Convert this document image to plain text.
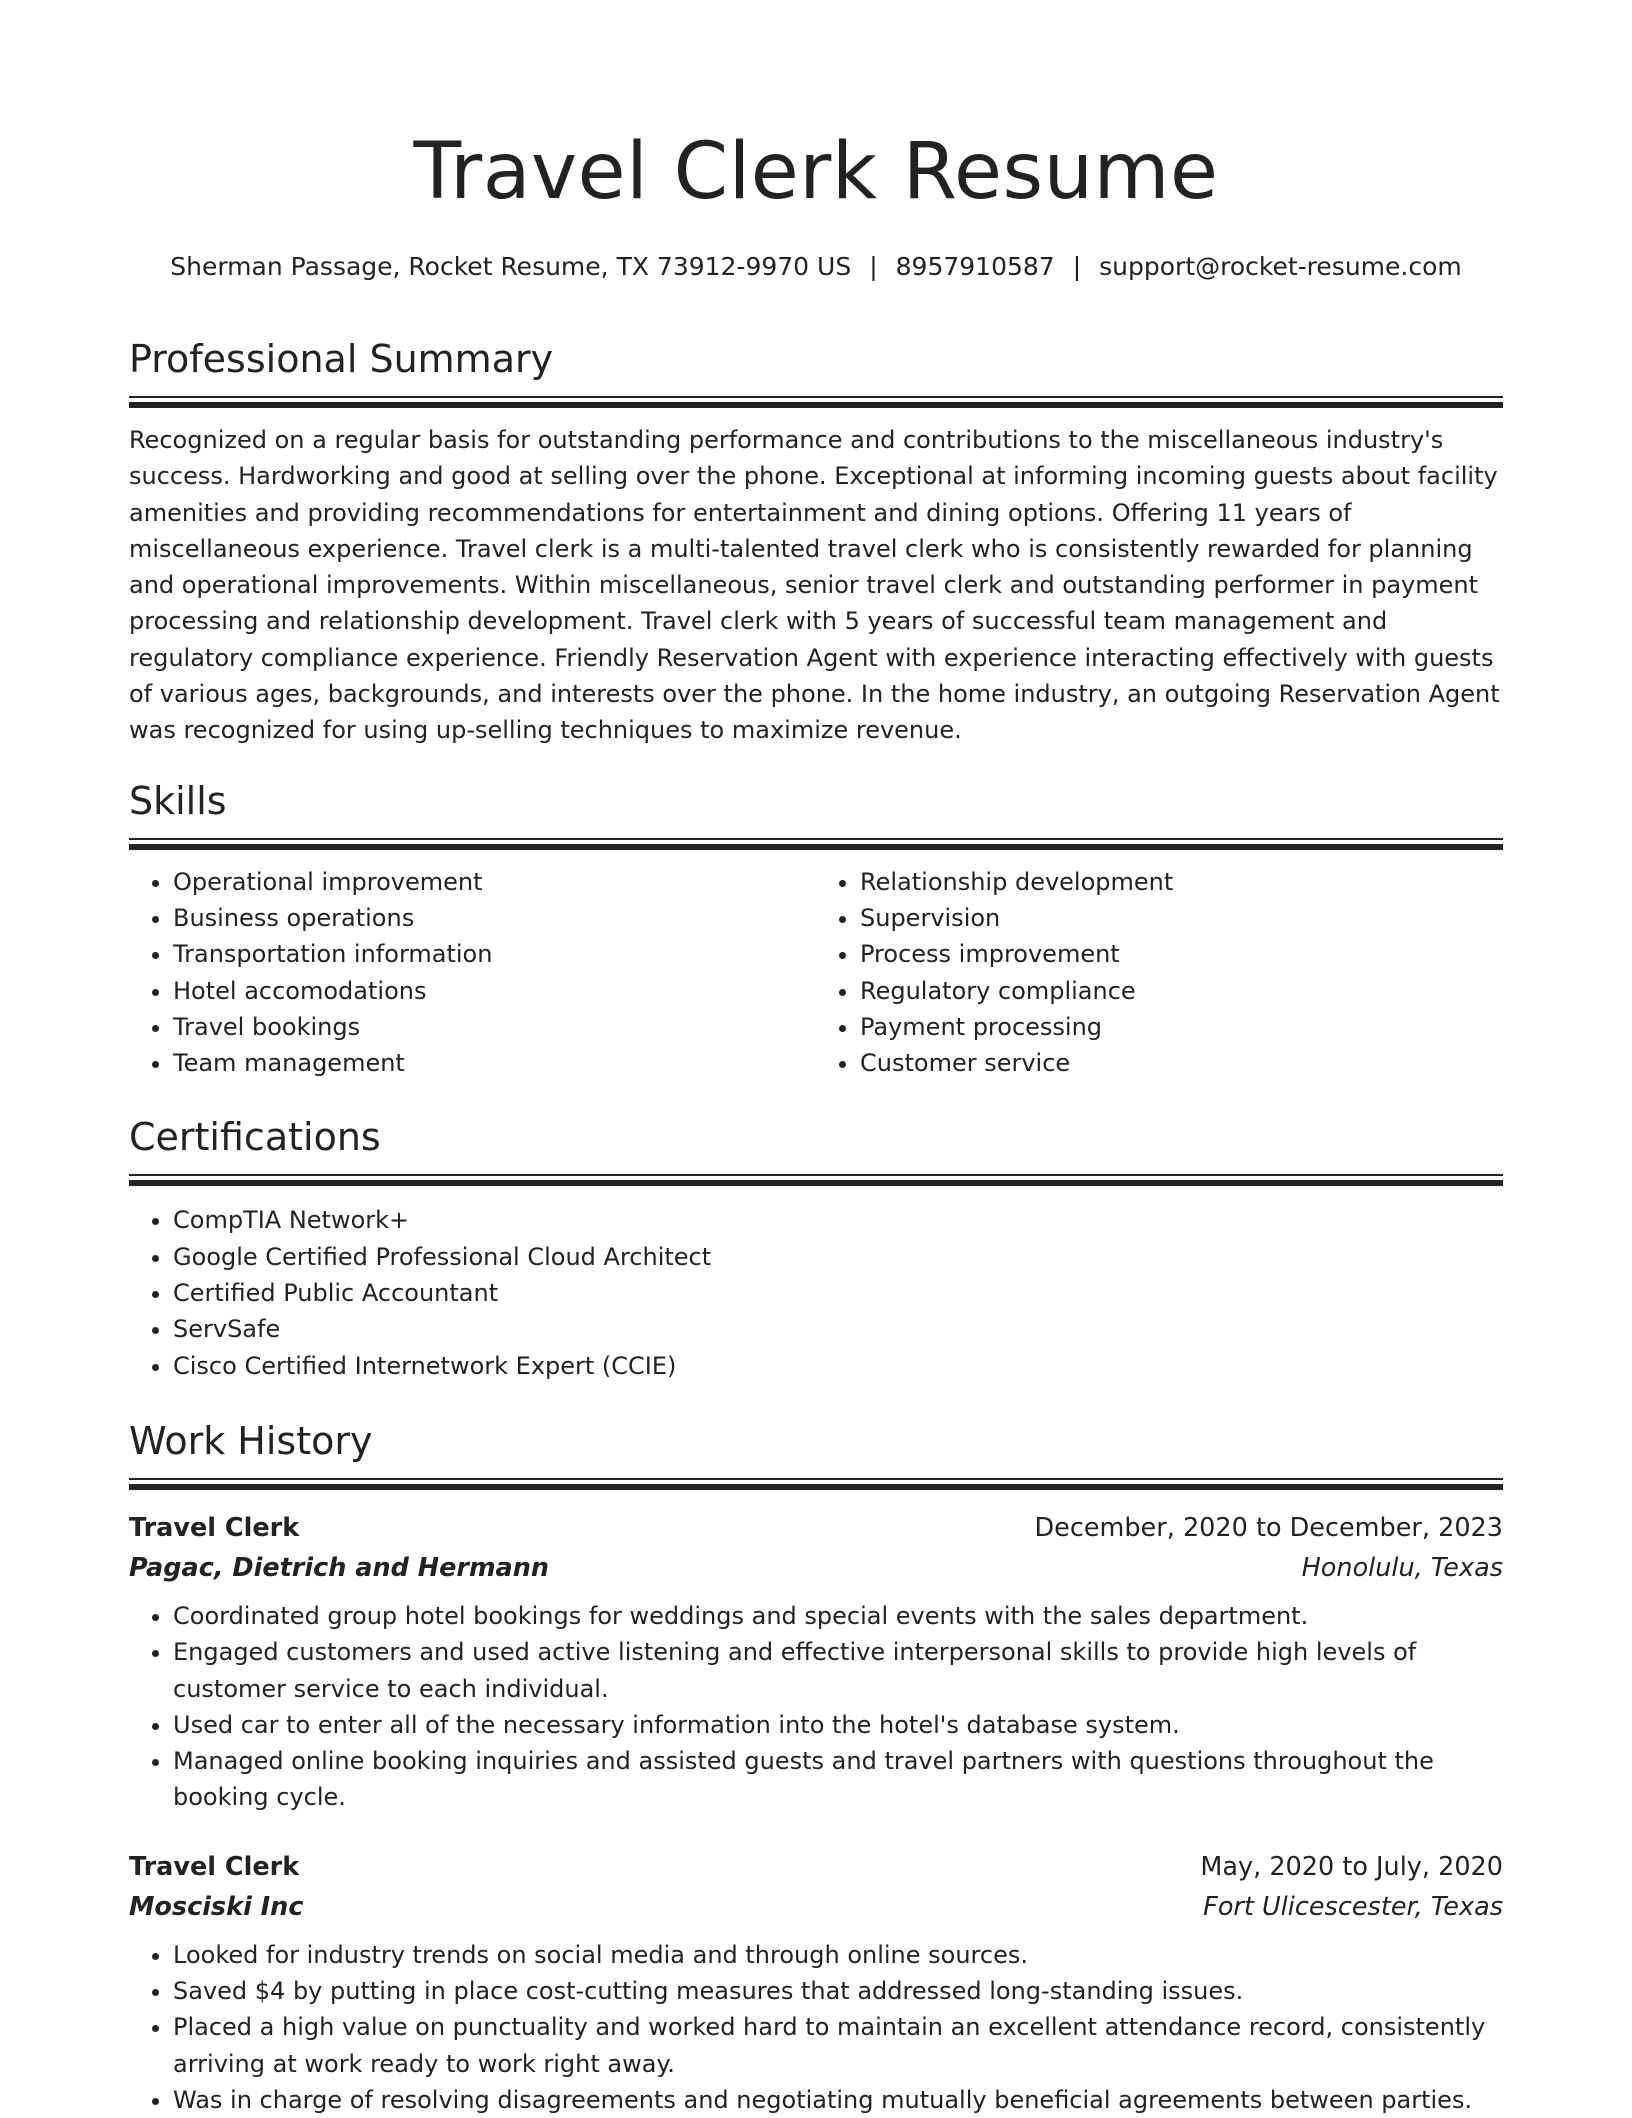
Travel Clerk Resume
Sherman Passage, Rocket Resume, TX 73912-9970 US | 8957910587 | support@rocket-resume.com
Professional Summary

Recognized on a regular basis for outstanding performance and contributions to the miscellaneous industry's success. Hardworking and good at selling over the phone. Exceptional at informing incoming guests about facility amenities and providing recommendations for entertainment and dining options. Offering 11 years of miscellaneous experience. Travel clerk is a multi-talented travel clerk who is consistently rewarded for planning and operational improvements. Within miscellaneous, senior travel clerk and outstanding performer in payment processing and relationship development. Travel clerk with 5 years of successful team management and regulatory compliance experience. Friendly Reservation Agent with experience interacting effectively with guests of various ages, backgrounds, and interests over the phone. In the home industry, an outgoing Reservation Agent was recognized for using up-selling techniques to maximize revenue.

Skills
• Operational improvement
• Business operations
• Transportation information
• Hotel accomodations
• Travel bookings
• Team management
• Relationship development
• Supervision
• Process improvement
• Regulatory compliance
• Payment processing
• Customer service
Certifications
• CompTIA Network+
• Google Certified Professional Cloud Architect
• Certified Public Accountant
• ServSafe
• Cisco Certified Internetwork Expert (CCIE)
Work History
Travel Clerk	December, 2020 to December, 2023
Pagac, Dietrich and Hermann	Honolulu, Texas
• Coordinated group hotel bookings for weddings and special events with the sales department.
• Engaged customers and used active listening and effective interpersonal skills to provide high levels of customer service to each individual.
• Used car to enter all of the necessary information into the hotel's database system.
• Managed online booking inquiries and assisted guests and travel partners with questions throughout the booking cycle.
Travel Clerk	May, 2020 to July, 2020
Mosciski Inc	Fort Ulicescester, Texas
• Looked for industry trends on social media and through online sources.
• Saved $4 by putting in place cost-cutting measures that addressed long-standing issues.
• Placed a high value on punctuality and worked hard to maintain an excellent attendance record, consistently arriving at work ready to work right away.
• Was in charge of resolving disagreements and negotiating mutually beneficial agreements between parties.
